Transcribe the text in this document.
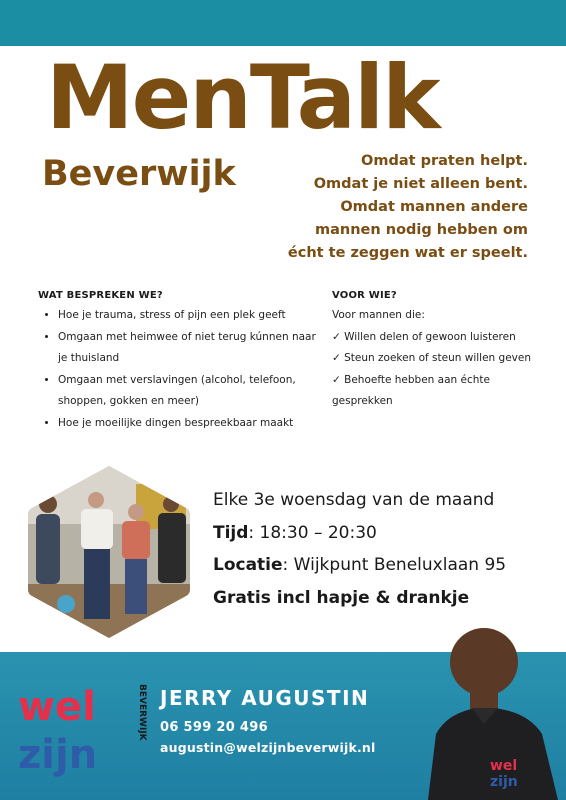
MenTalk
Beverwijk	Omdat praten helpt.
Omdat je niet alleen bent.
Omdat mannen andere
mannen nodig hebben om
écht te zeggen wat er speelt.
WAT BESPREKEN WE?
• Hoe je trauma, stress of pijn een plek geeft
• Omgaan met heimwee of niet terug kúnnen naar je thuisland
• Omgaan met verslavingen (alcohol, telefoon, shoppen, gokken en meer)
• Hoe je moeilijke dingen bespreekbaar maakt
VOOR WIE?
Voor mannen die:
✓ Willen delen of gewoon luisteren
✓ Steun zoeken of steun willen geven
✓ Behoefte hebben aan échte gesprekken
Elke 3e woensdag van de maand
Tijd: 18:30 – 20:30
Locatie: Wijkpunt Beneluxlaan 95
Gratis incl hapje & drankje
wel
zijn
BEVERWIJK JERRY AUGUSTIN
06 599 20 496
augustin@welzijnbeverwijk.nl
wel
zijn
